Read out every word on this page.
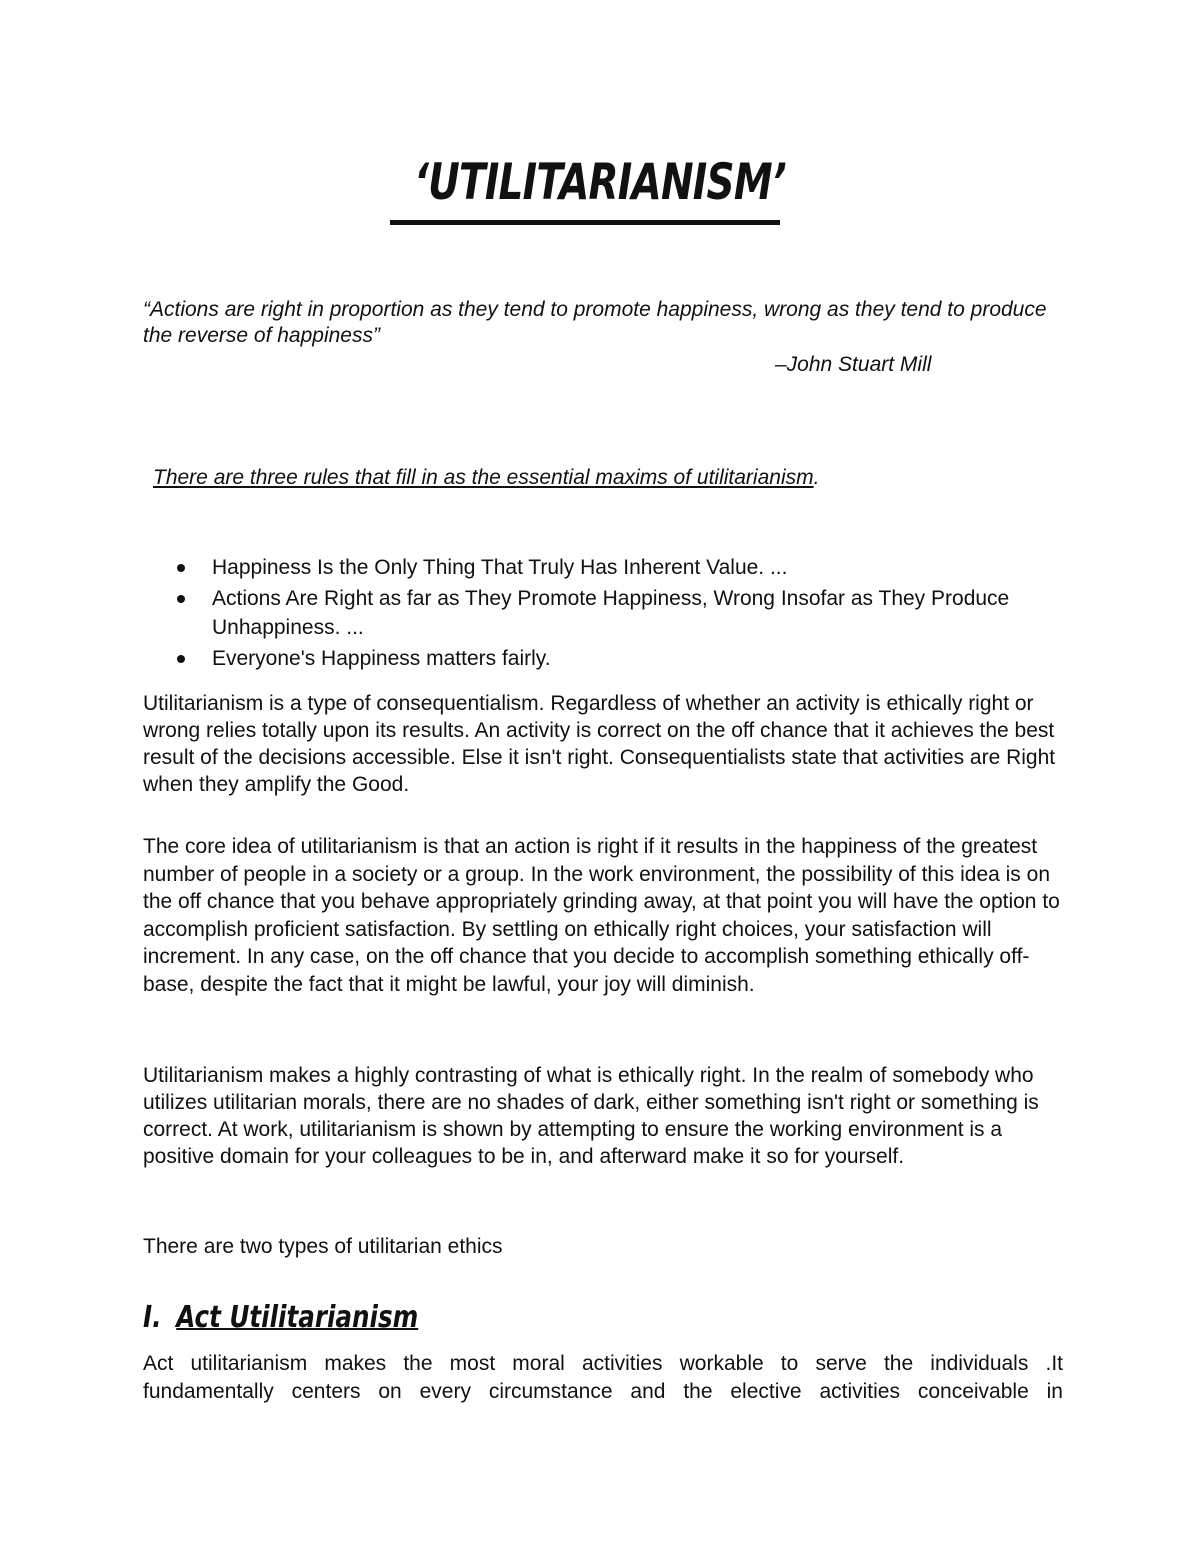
‘UTILITARIANISM’

“Actions are right in proportion as they tend to promote happiness, wrong as they tend to produce the reverse of happiness”

–John Stuart Mill

There are three rules that fill in as the essential maxims of utilitarianism.

Happiness Is the Only Thing That Truly Has Inherent Value. ...
Actions Are Right as far as They Promote Happiness, Wrong Insofar as They Produce Unhappiness. ...
Everyone's Happiness matters fairly.

Utilitarianism is a type of consequentialism. Regardless of whether an activity is ethically right or wrong relies totally upon its results. An activity is correct on the off chance that it achieves the best result of the decisions accessible. Else it isn't right. Consequentialists state that activities are Right when they amplify the Good.

The core idea of utilitarianism is that an action is right if it results in the happiness of the greatest number of people in a society or a group. In the work environment, the possibility of this idea is on the off chance that you behave appropriately grinding away, at that point you will have the option to accomplish proficient satisfaction. By settling on ethically right choices, your satisfaction will increment. In any case, on the off chance that you decide to accomplish something ethically off-base, despite the fact that it might be lawful, your joy will diminish.

Utilitarianism makes a highly contrasting of what is ethically right. In the realm of somebody who utilizes utilitarian morals, there are no shades of dark, either something isn't right or something is correct. At work, utilitarianism is shown by attempting to ensure the working environment is a positive domain for your colleagues to be in, and afterward make it so for yourself.

There are two types of utilitarian ethics

I. Act Utilitarianism

Act utilitarianism makes the most moral activities workable to serve the individuals .It fundamentally centers on every circumstance and the elective activities conceivable in
